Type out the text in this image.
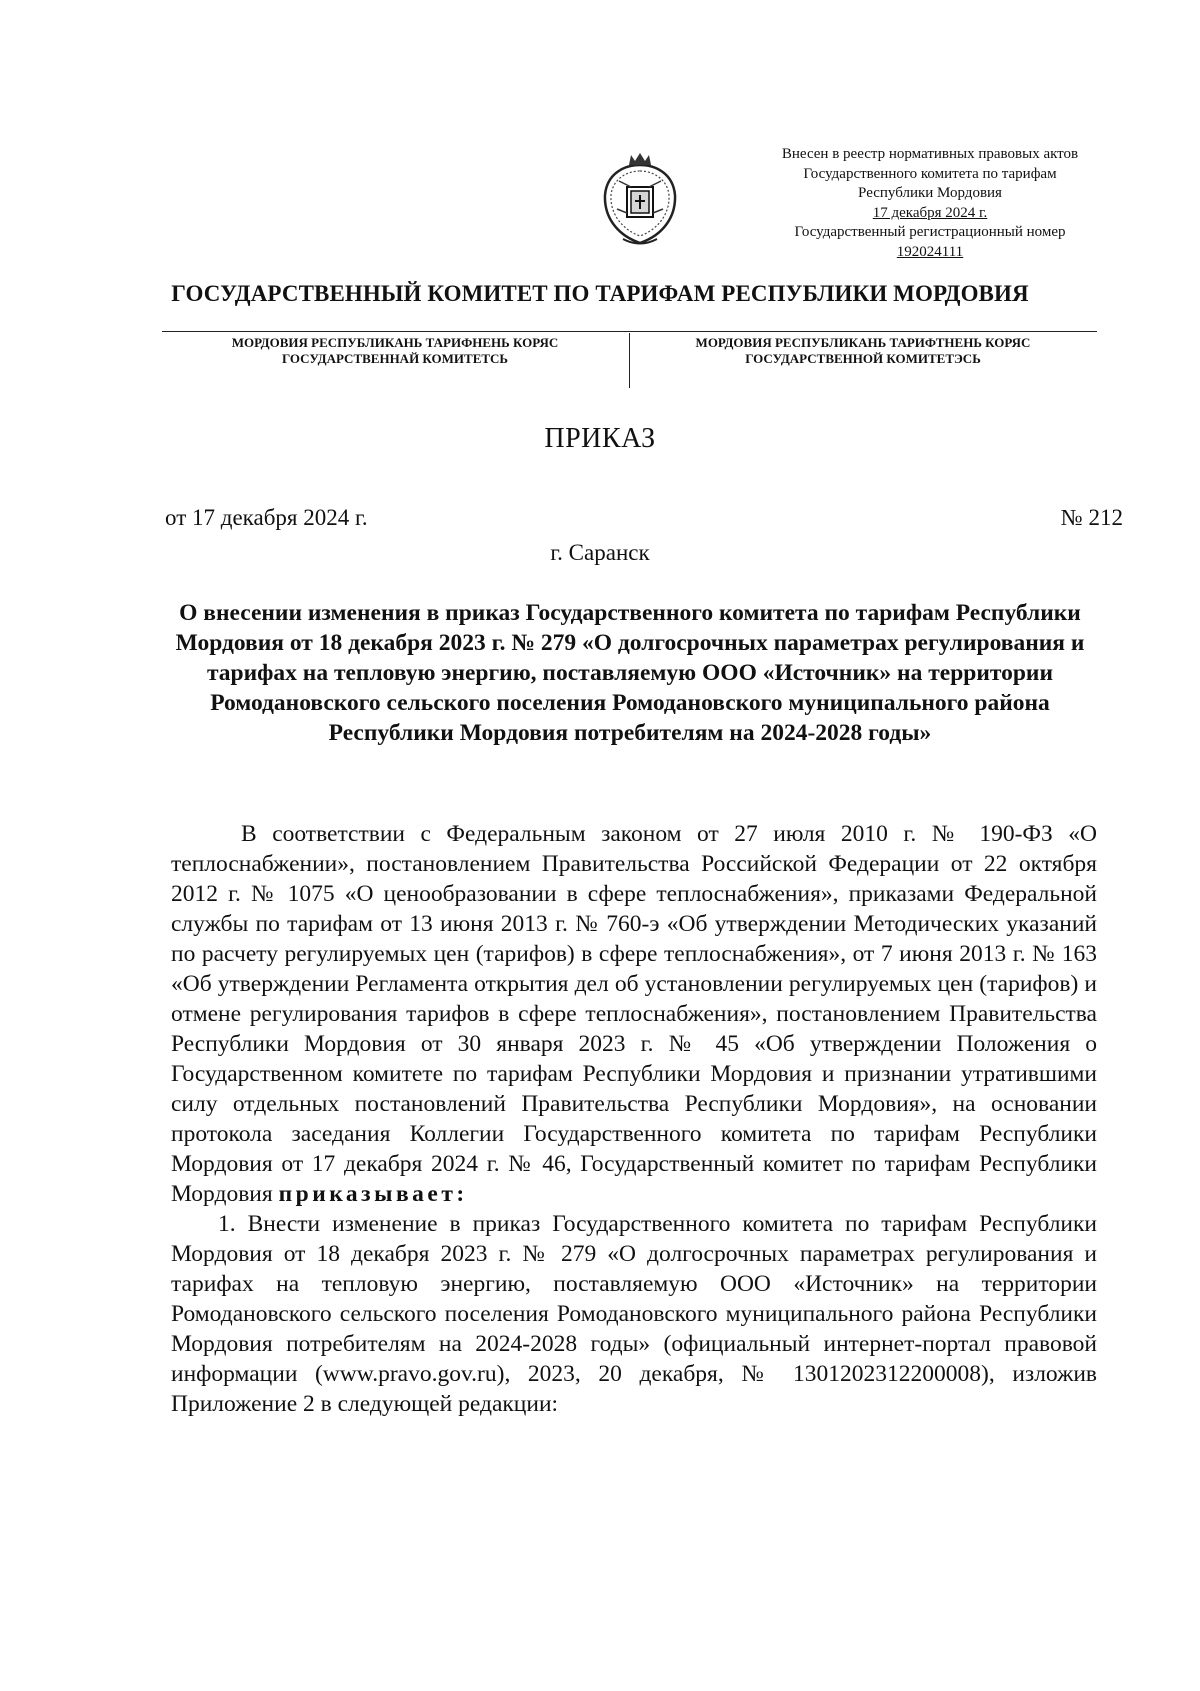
Внесен в реестр нормативных правовых актов
Государственного комитета по тарифам
Республики Мордовия
17 декабря 2024 г.
Государственный регистрационный номер
192024111
ГОСУДАРСТВЕННЫЙ КОМИТЕТ ПО ТАРИФАМ РЕСПУБЛИКИ МОРДОВИЯ
МОРДОВИЯ РЕСПУБЛИКАНЬ ТАРИФНЕНЬ КОРЯС
ГОСУДАРСТВЕННАЙ КОМИТЕТСЬ
МОРДОВИЯ РЕСПУБЛИКАНЬ ТАРИФТНЕНЬ КОРЯС
ГОСУДАРСТВЕННОЙ КОМИТЕТЭСЬ
ПРИКАЗ
от 17 декабря 2024 г.	№ 212
г. Саранск
О внесении изменения в приказ Государственного комитета по тарифам Республики Мордовия от 18 декабря 2023 г. № 279 «О долгосрочных параметрах регулирования и тарифах на тепловую энергию, поставляемую ООО «Источник» на территории Ромодановского сельского поселения Ромодановского муниципального района Республики Мордовия потребителям на 2024-2028 годы»

В соответствии с Федеральным законом от 27 июля 2010 г. № 190-ФЗ «О теплоснабжении», постановлением Правительства Российской Федерации от 22 октября 2012 г. № 1075 «О ценообразовании в сфере теплоснабжения», приказами Федеральной службы по тарифам от 13 июня 2013 г. № 760-э «Об утверждении Методических указаний по расчету регулируемых цен (тарифов) в сфере теплоснабжения», от 7 июня 2013 г. № 163 «Об утверждении Регламента открытия дел об установлении регулируемых цен (тарифов) и отмене регулирования тарифов в сфере теплоснабжения», постановлением Правительства Республики Мордовия от 30 января 2023 г. № 45 «Об утверждении Положения о Государственном комитете по тарифам Республики Мордовия и признании утратившими силу отдельных постановлений Правительства Республики Мордовия», на основании протокола заседания Коллегии Государственного комитета по тарифам Республики Мордовия от 17 декабря 2024 г. № 46, Государственный комитет по тарифам Республики Мордовия приказывает:

1. Внести изменение в приказ Государственного комитета по тарифам Республики Мордовия от 18 декабря 2023 г. № 279 «О долгосрочных параметрах регулирования и тарифах на тепловую энергию, поставляемую ООО «Источник» на территории Ромодановского сельского поселения Ромодановского муниципального района Республики Мордовия потребителям на 2024-2028 годы» (официальный интернет-портал правовой информации (www.pravo.gov.ru), 2023, 20 декабря, № 1301202312200008), изложив Приложение 2 в следующей редакции:
